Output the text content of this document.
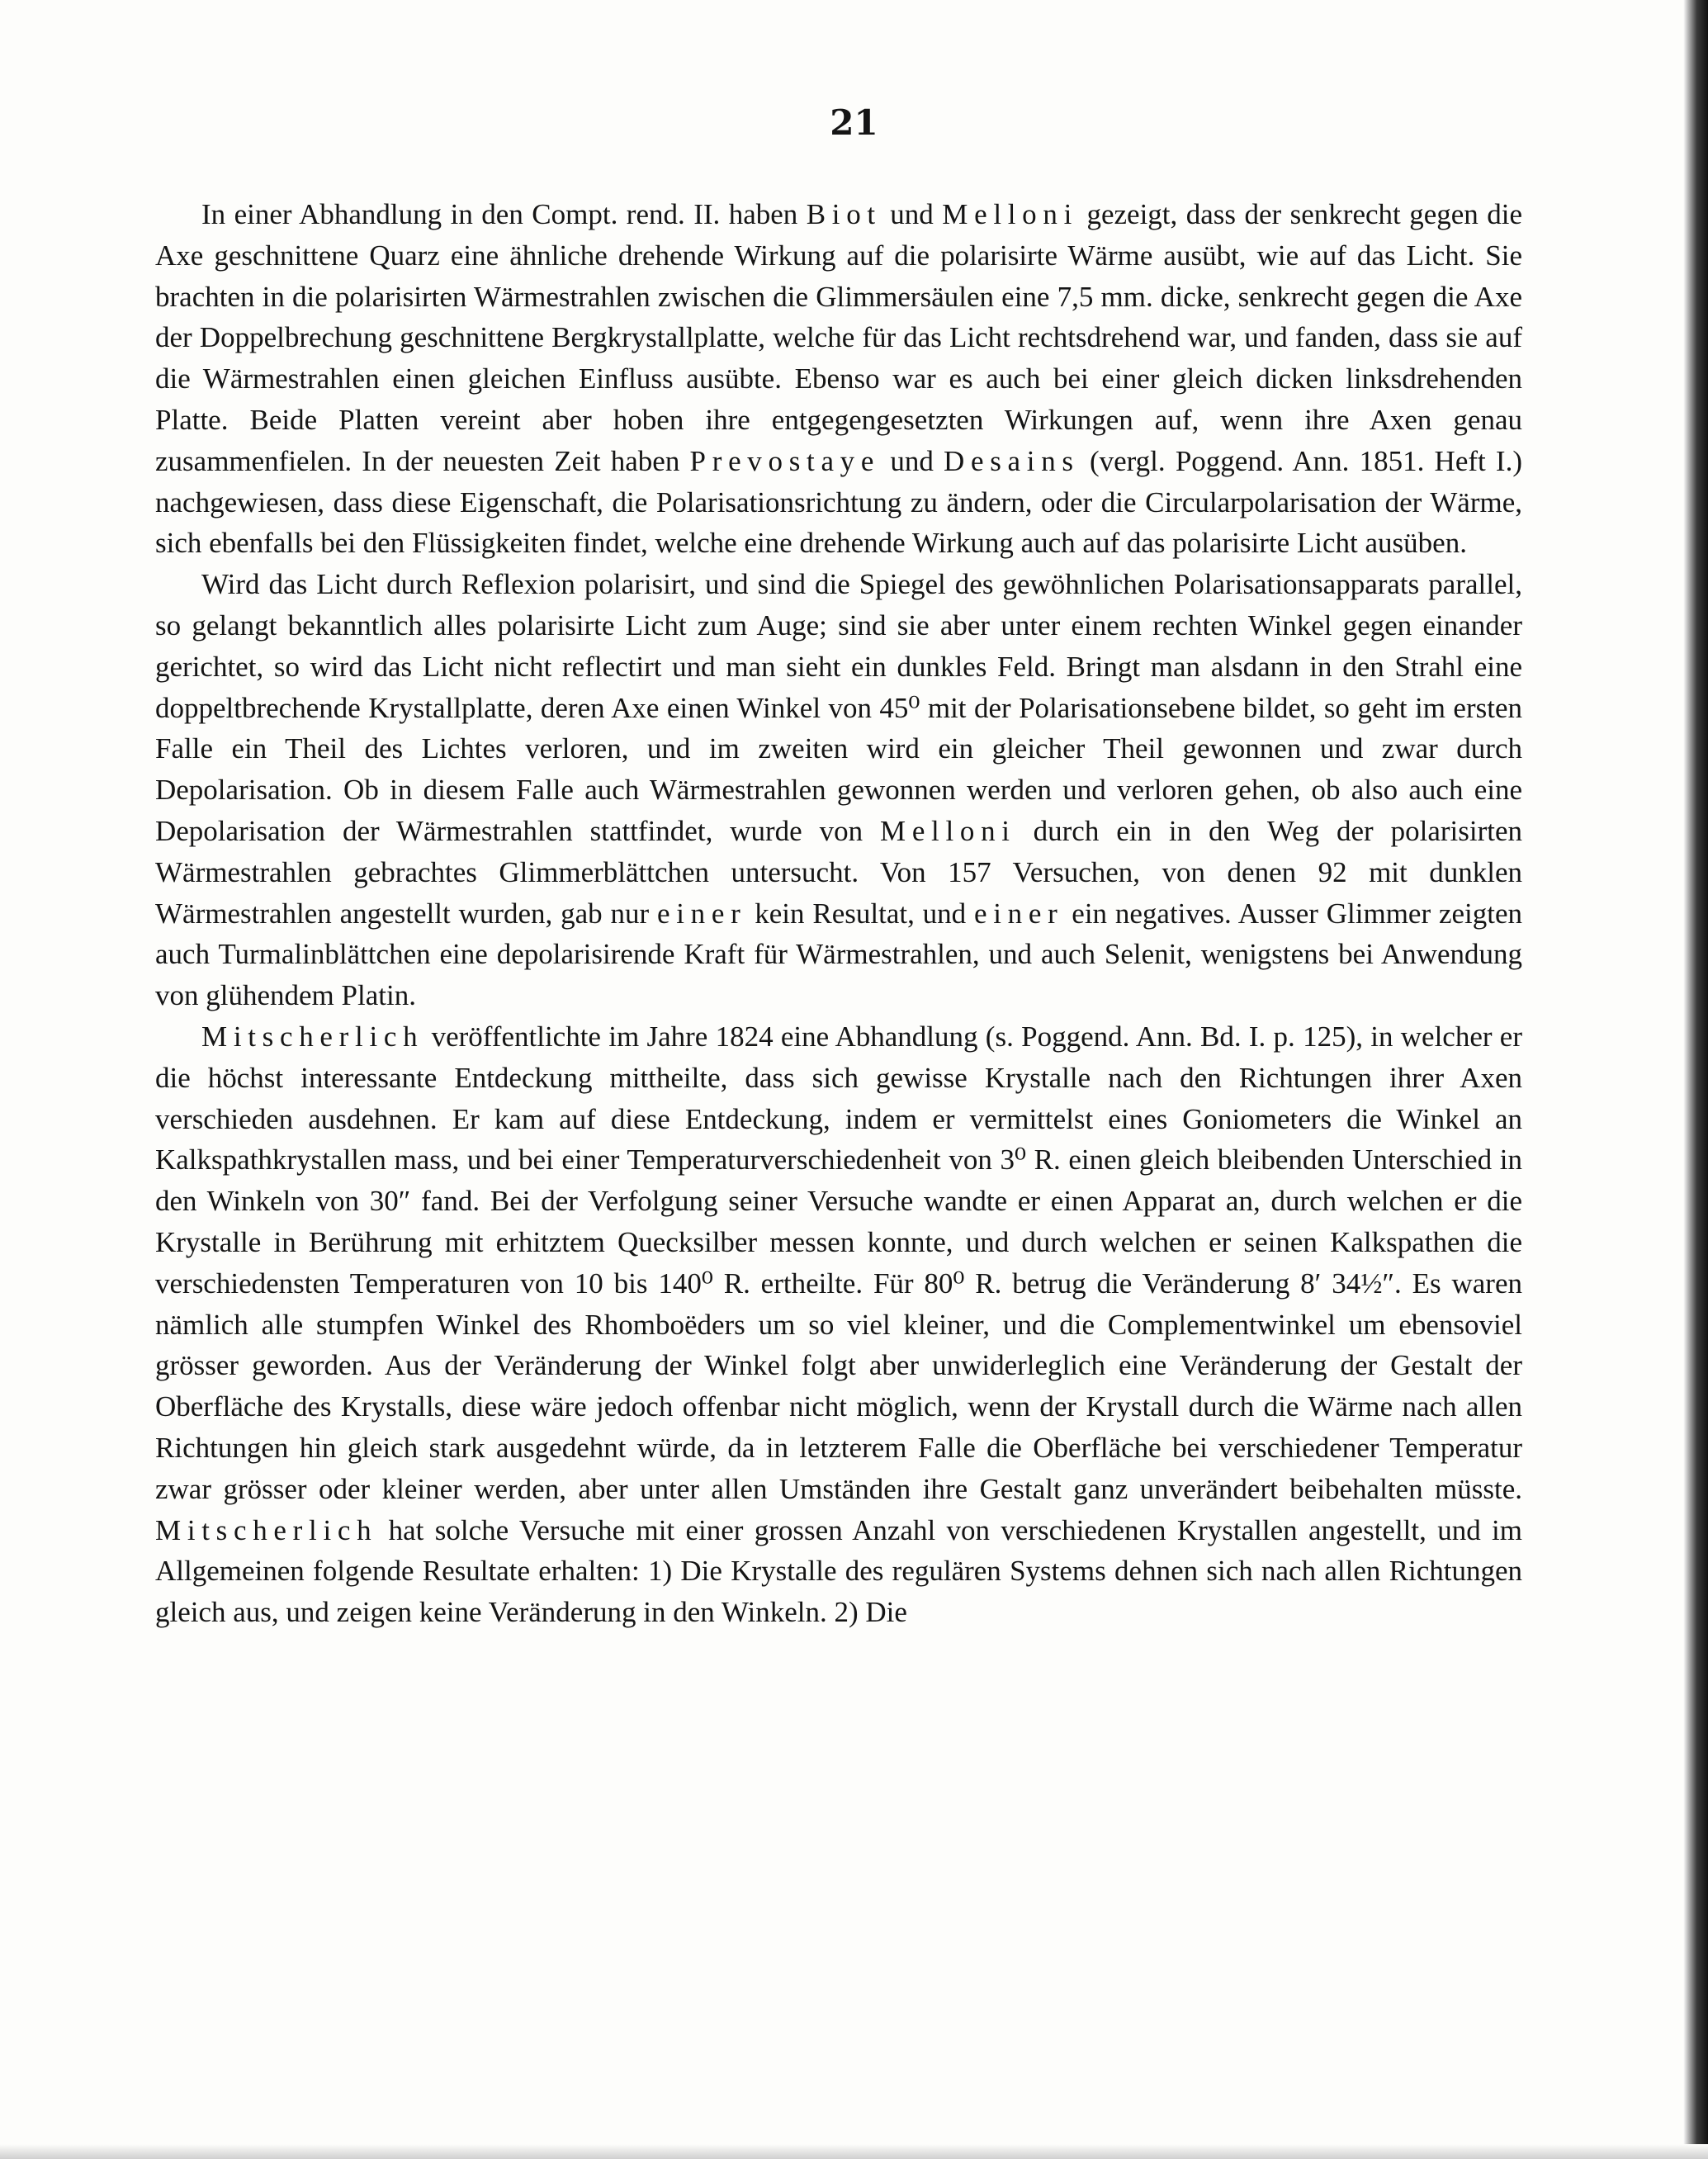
21

In einer Abhandlung in den Compt. rend. II. haben Biot und Melloni gezeigt, dass der senkrecht gegen die Axe geschnittene Quarz eine ähnliche drehende Wirkung auf die polarisirte Wärme ausübt, wie auf das Licht. Sie brachten in die polarisirten Wärmestrahlen zwischen die Glimmersäulen eine 7,5 mm. dicke, senkrecht gegen die Axe der Doppelbrechung geschnittene Bergkrystallplatte, welche für das Licht rechtsdrehend war, und fanden, dass sie auf die Wärmestrahlen einen gleichen Einfluss ausübte. Ebenso war es auch bei einer gleich dicken linksdrehenden Platte. Beide Platten vereint aber hoben ihre entgegengesetzten Wirkungen auf, wenn ihre Axen genau zusammenfielen. In der neuesten Zeit haben Prevostaye und Desains (vergl. Poggend. Ann. 1851. Heft I.) nachgewiesen, dass diese Eigenschaft, die Polarisationsrichtung zu ändern, oder die Circularpolarisation der Wärme, sich ebenfalls bei den Flüssigkeiten findet, welche eine drehende Wirkung auch auf das polarisirte Licht ausüben.

Wird das Licht durch Reflexion polarisirt, und sind die Spiegel des gewöhnlichen Polarisationsapparats parallel, so gelangt bekanntlich alles polarisirte Licht zum Auge; sind sie aber unter einem rechten Winkel gegen einander gerichtet, so wird das Licht nicht reflectirt und man sieht ein dunkles Feld. Bringt man alsdann in den Strahl eine doppeltbrechende Krystallplatte, deren Axe einen Winkel von 45⁰ mit der Polarisationsebene bildet, so geht im ersten Falle ein Theil des Lichtes verloren, und im zweiten wird ein gleicher Theil gewonnen und zwar durch Depolarisation. Ob in diesem Falle auch Wärmestrahlen gewonnen werden und verloren gehen, ob also auch eine Depolarisation der Wärmestrahlen stattfindet, wurde von Melloni durch ein in den Weg der polarisirten Wärmestrahlen gebrachtes Glimmerblättchen untersucht. Von 157 Versuchen, von denen 92 mit dunklen Wärmestrahlen angestellt wurden, gab nur einer kein Resultat, und einer ein negatives. Ausser Glimmer zeigten auch Turmalinblättchen eine depolarisirende Kraft für Wärmestrahlen, und auch Selenit, wenigstens bei Anwendung von glühendem Platin.

Mitscherlich veröffentlichte im Jahre 1824 eine Abhandlung (s. Poggend. Ann. Bd. I. p. 125), in welcher er die höchst interessante Entdeckung mittheilte, dass sich gewisse Krystalle nach den Richtungen ihrer Axen verschieden ausdehnen. Er kam auf diese Entdeckung, indem er vermittelst eines Goniometers die Winkel an Kalkspathkrystallen mass, und bei einer Temperaturverschiedenheit von 3⁰ R. einen gleich bleibenden Unterschied in den Winkeln von 30″ fand. Bei der Verfolgung seiner Versuche wandte er einen Apparat an, durch welchen er die Krystalle in Berührung mit erhitztem Quecksilber messen konnte, und durch welchen er seinen Kalkspathen die verschiedensten Temperaturen von 10 bis 140⁰ R. ertheilte. Für 80⁰ R. betrug die Veränderung 8′ 34½″. Es waren nämlich alle stumpfen Winkel des Rhomboëders um so viel kleiner, und die Complementwinkel um ebensoviel grösser geworden. Aus der Veränderung der Winkel folgt aber unwiderleglich eine Veränderung der Gestalt der Oberfläche des Krystalls, diese wäre jedoch offenbar nicht möglich, wenn der Krystall durch die Wärme nach allen Richtungen hin gleich stark ausgedehnt würde, da in letzterem Falle die Oberfläche bei verschiedener Temperatur zwar grösser oder kleiner werden, aber unter allen Umständen ihre Gestalt ganz unverändert beibehalten müsste. Mitscherlich hat solche Versuche mit einer grossen Anzahl von verschiedenen Krystallen angestellt, und im Allgemeinen folgende Resultate erhalten: 1) Die Krystalle des regulären Systems dehnen sich nach allen Richtungen gleich aus, und zeigen keine Veränderung in den Winkeln. 2) Die
